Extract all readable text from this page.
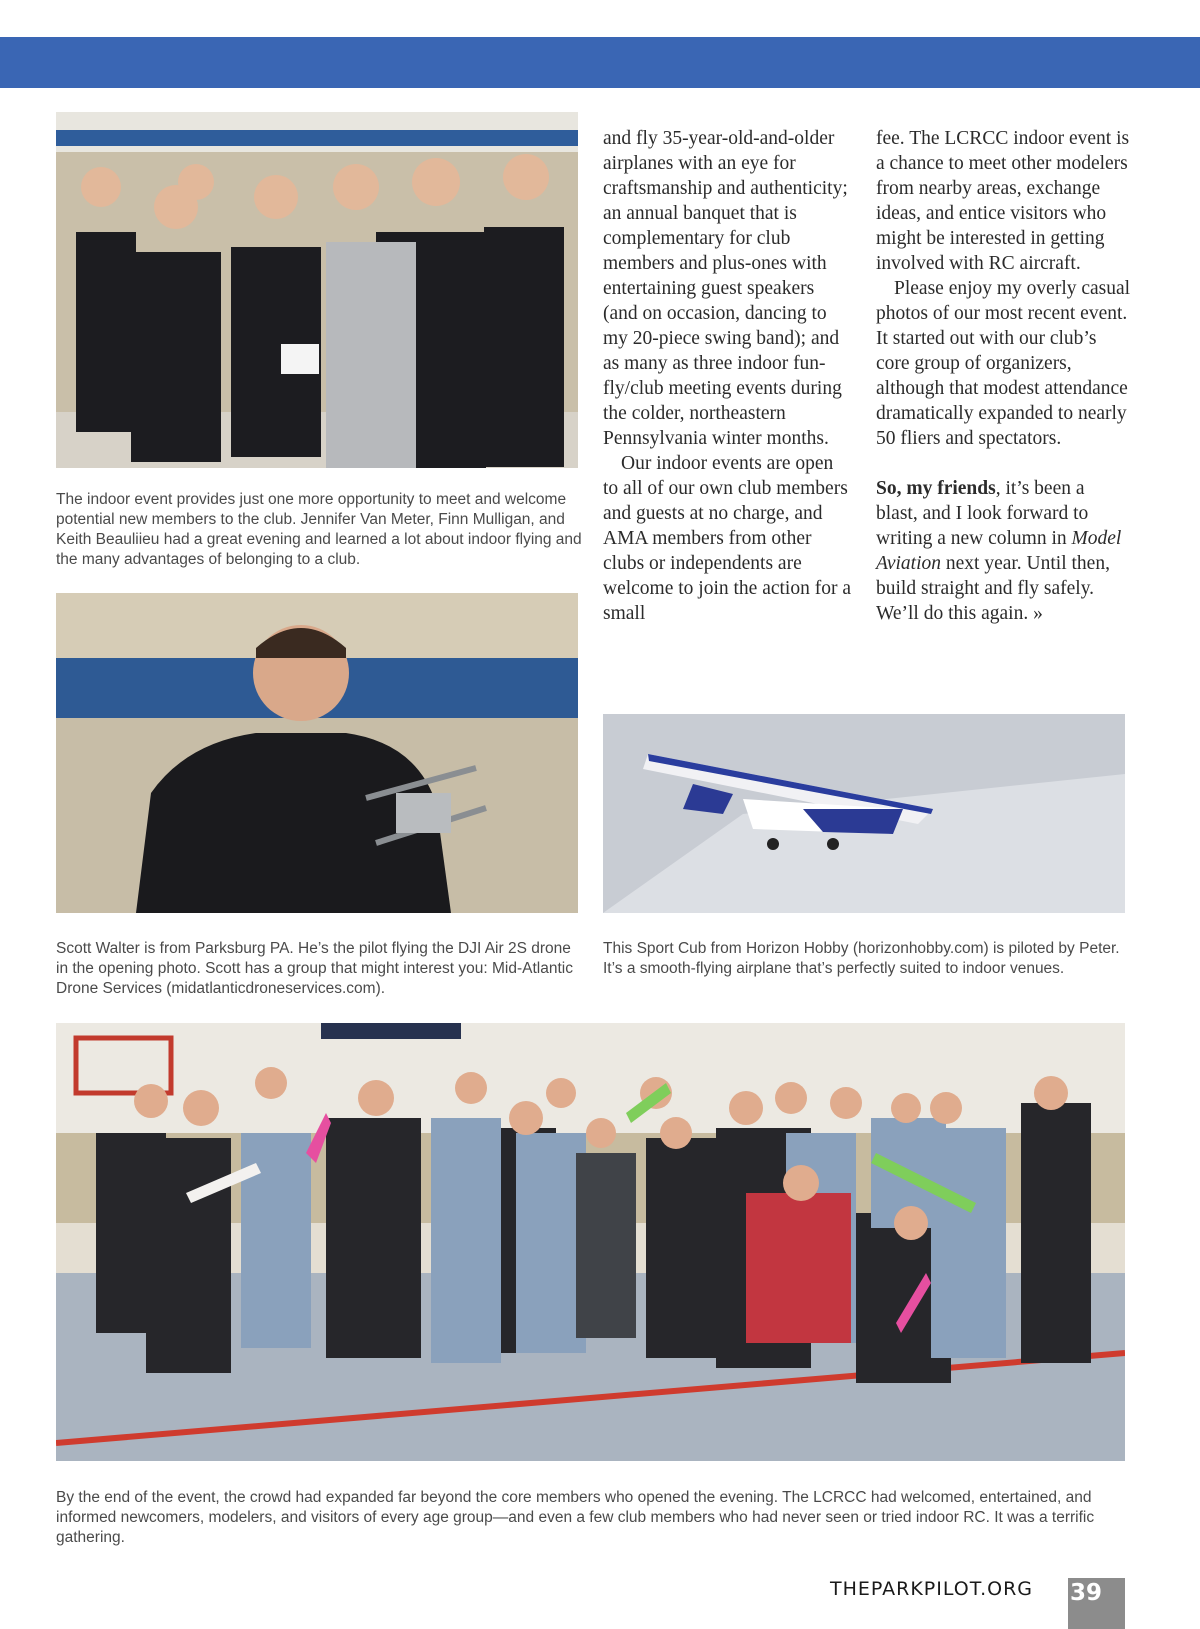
The indoor event provides just one more opportunity to meet and welcome potential new members to the club. Jennifer Van Meter, Finn Mulligan, and Keith Beauliieu had a great evening and learned a lot about indoor flying and the many advantages of belonging to a club.

Scott Walter is from Parksburg PA. He’s the pilot flying the DJI Air 2S drone in the opening photo. Scott has a group that might interest you: Mid-Atlantic Drone Services (midatlanticdroneservices.com).

and fly 35-year-old-and-older airplanes with an eye for craftsmanship and authenticity; an annual banquet that is complementary for club members and plus-ones with entertaining guest speakers (and on occasion, dancing to my 20-piece swing band); and as many as three indoor fun-fly/club meeting events during the colder, northeastern Pennsylvania winter months.

Our indoor events are open to all of our own club members and guests at no charge, and AMA members from other clubs or independents are welcome to join the action for a small

fee. The LCRCC indoor event is a chance to meet other modelers from nearby areas, exchange ideas, and entice visitors who might be interested in getting involved with RC aircraft.

Please enjoy my overly casual photos of our most recent event. It started out with our club’s core group of organizers, although that modest attendance dramatically expanded to nearly 50 fliers and spectators.

So, my friends, it’s been a blast, and I look forward to writing a new column in Model Aviation next year. Until then, build straight and fly safely. We’ll do this again. »

This Sport Cub from Horizon Hobby (horizonhobby.com) is piloted by Peter. It’s a smooth-flying airplane that’s perfectly suited to indoor venues.

By the end of the event, the crowd had expanded far beyond the core members who opened the evening. The LCRCC had welcomed, entertained, and informed newcomers, modelers, and visitors of every age group—and even a few club members who had never seen or tried indoor RC. It was a terrific gathering.

THEPARKPILOT.ORG 39
